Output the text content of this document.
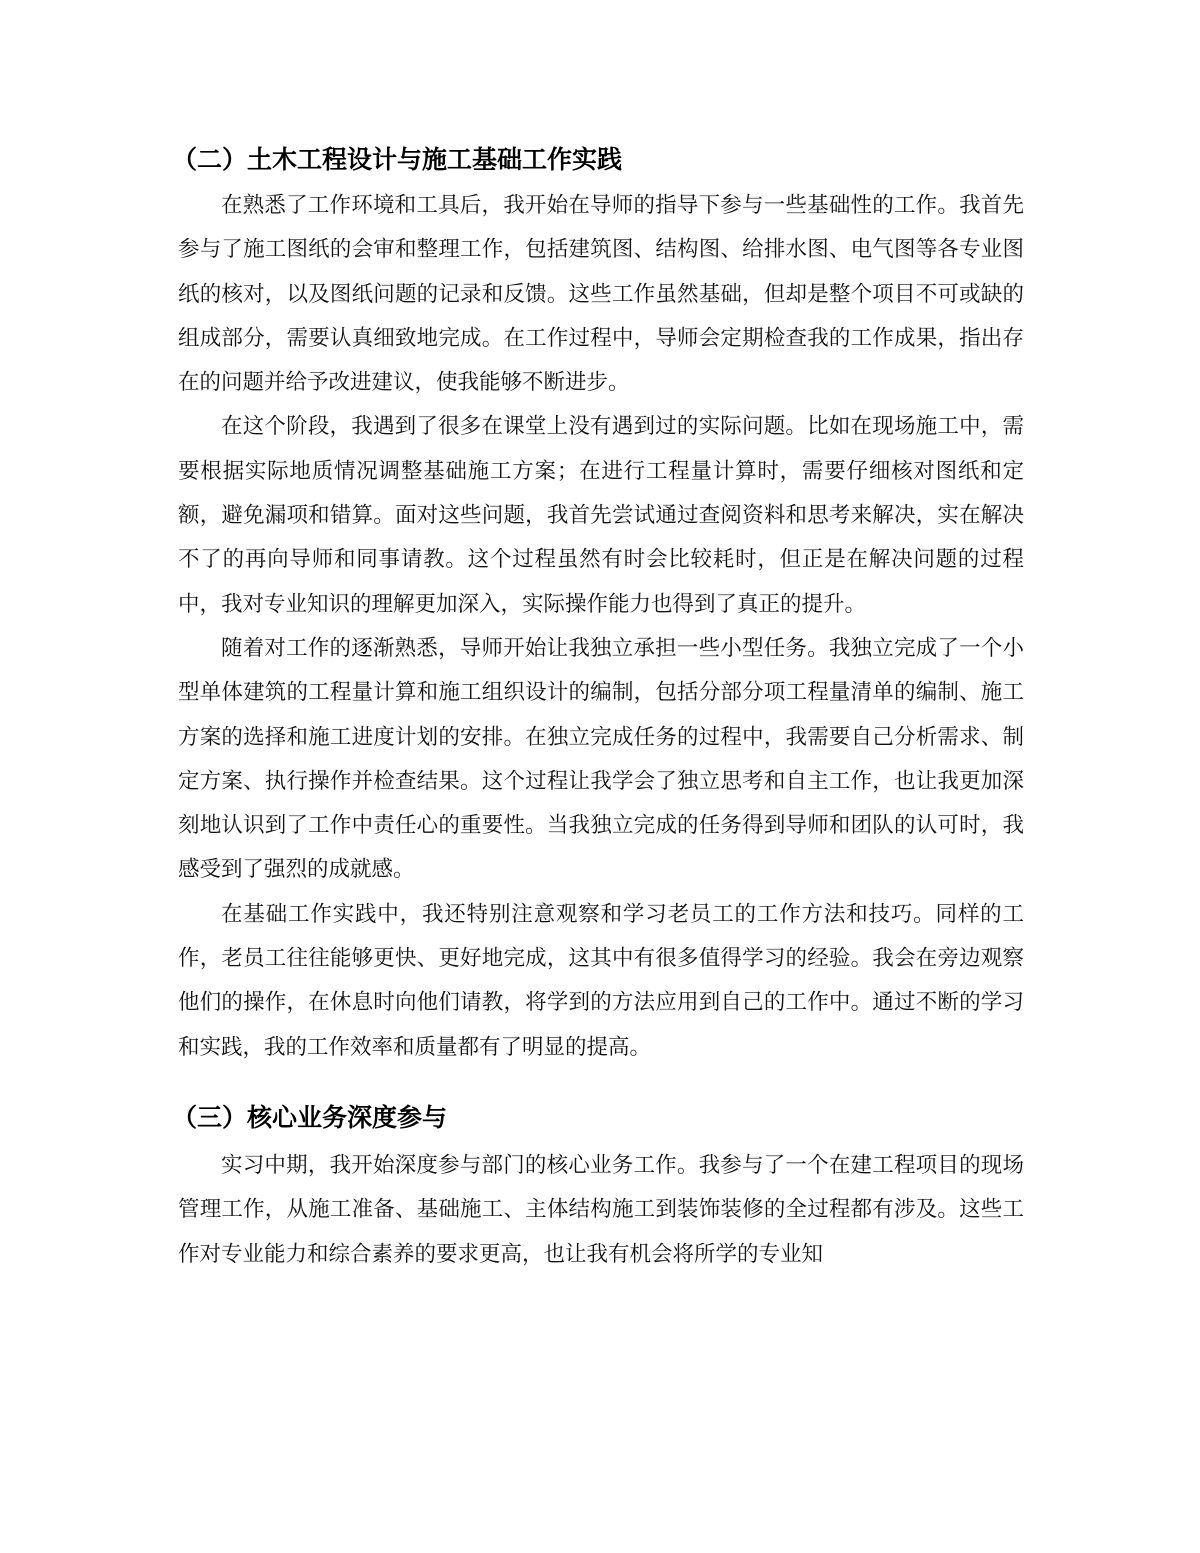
（二）土木工程设计与施工基础工作实践

在熟悉了工作环境和工具后，我开始在导师的指导下参与一些基础性的工作。我首先参与了施工图纸的会审和整理工作，包括建筑图、结构图、给排水图、电气图等各专业图纸的核对，以及图纸问题的记录和反馈。这些工作虽然基础，但却是整个项目不可或缺的组成部分，需要认真细致地完成。在工作过程中，导师会定期检查我的工作成果，指出存在的问题并给予改进建议，使我能够不断进步。

在这个阶段，我遇到了很多在课堂上没有遇到过的实际问题。比如在现场施工中，需要根据实际地质情况调整基础施工方案；在进行工程量计算时，需要仔细核对图纸和定额，避免漏项和错算。面对这些问题，我首先尝试通过查阅资料和思考来解决，实在解决不了的再向导师和同事请教。这个过程虽然有时会比较耗时，但正是在解决问题的过程中，我对专业知识的理解更加深入，实际操作能力也得到了真正的提升。

随着对工作的逐渐熟悉，导师开始让我独立承担一些小型任务。我独立完成了一个小型单体建筑的工程量计算和施工组织设计的编制，包括分部分项工程量清单的编制、施工方案的选择和施工进度计划的安排。在独立完成任务的过程中，我需要自己分析需求、制定方案、执行操作并检查结果。这个过程让我学会了独立思考和自主工作，也让我更加深刻地认识到了工作中责任心的重要性。当我独立完成的任务得到导师和团队的认可时，我感受到了强烈的成就感。

在基础工作实践中，我还特别注意观察和学习老员工的工作方法和技巧。同样的工作，老员工往往能够更快、更好地完成，这其中有很多值得学习的经验。我会在旁边观察他们的操作，在休息时向他们请教，将学到的方法应用到自己的工作中。通过不断的学习和实践，我的工作效率和质量都有了明显的提高。

（三）核心业务深度参与

实习中期，我开始深度参与部门的核心业务工作。我参与了一个在建工程项目的现场管理工作，从施工准备、基础施工、主体结构施工到装饰装修的全过程都有涉及。这些工作对专业能力和综合素养的要求更高，也让我有机会将所学的专业知
